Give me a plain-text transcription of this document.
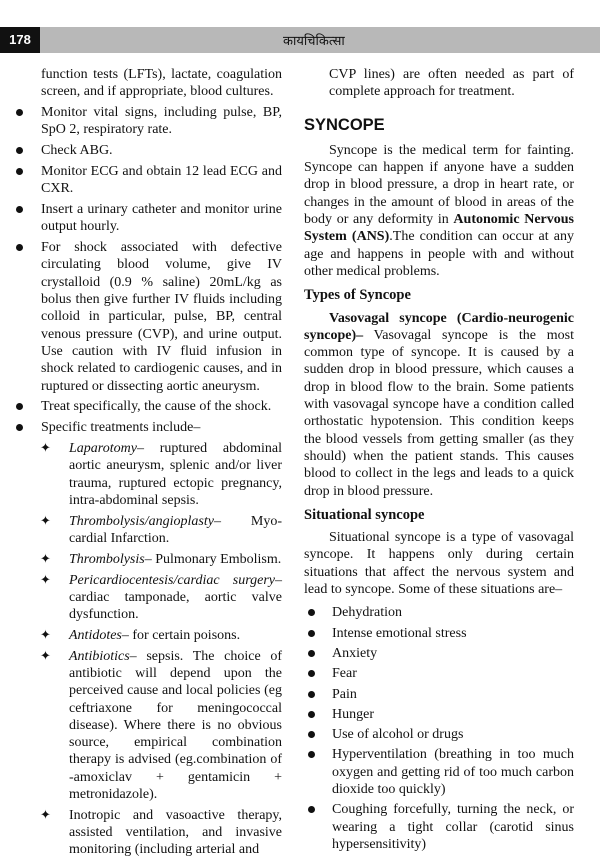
178	कायचिकित्सा

function tests (LFTs), lactate, coagulation screen, and if appropriate, blood cultures.

Monitor vital signs, including pulse, BP, SpO 2, respiratory rate.
Check ABG.
Monitor ECG and obtain 12 lead ECG and CXR.
Insert a urinary catheter and monitor urine output hourly.
For shock associated with defective circulating blood volume, give IV crystalloid (0.9 % saline) 20mL/kg as bolus then give further IV fluids including colloid in particular, pulse, BP, central venous pressure (CVP), and urine output. Use caution with IV fluid infusion in shock related to cardiogenic causes, and in ruptured or dissecting aortic aneurysm.
Treat specifically, the cause of the shock.
Specific treatments include–
✦ Laparotomy– ruptured abdominal aortic aneurysm, splenic and/or liver trauma, ruptured ectopic pregnancy, intra-abdominal sepsis.
✦ Thrombolysis/angioplasty– Myo-cardial Infarction.
✦ Thrombolysis– Pulmonary Embolism.
✦ Pericardiocentesis/cardiac surgery– cardiac tamponade, aortic valve dysfunction.
✦ Antidotes– for certain poisons.
✦ Antibiotics– sepsis. The choice of antibiotic will depend upon the perceived cause and local policies (eg ceftriaxone for meningococcal disease). Where there is no obvious source, empirical combination therapy is advised (eg.combination of -amoxiclav + gentamicin + metronidazole).
✦ Inotropic and vasoactive therapy, assisted ventilation, and invasive monitoring (including arterial and

CVP lines) are often needed as part of complete approach for treatment.

SYNCOPE

Syncope is the medical term for fainting. Syncope can happen if anyone have a sudden drop in blood pressure, a drop in heart rate, or changes in the amount of blood in areas of the body or any deformity in Autonomic Nervous System (ANS).The condition can occur at any age and happens in people with and without other medical problems.

Types of Syncope

Vasovagal syncope (Cardio-neurogenic syncope)– Vasovagal syncope is the most common type of syncope. It is caused by a sudden drop in blood pressure, which causes a drop in blood flow to the brain. Some patients with vasovagal syncope have a condition called orthostatic hypotension. This condition keeps the blood vessels from getting smaller (as they should) when the patient stands. This causes blood to collect in the legs and leads to a quick drop in blood pressure.

Situational syncope

Situational syncope is a type of vasovagal syncope. It happens only during certain situations that affect the nervous system and lead to syncope. Some of these situations are–

Dehydration
Intense emotional stress
Anxiety
Fear
Pain
Hunger
Use of alcohol or drugs
Hyperventilation (breathing in too much oxygen and getting rid of too much carbon dioxide too quickly)
Coughing forcefully, turning the neck, or wearing a tight collar (carotid sinus hypersensitivity)
